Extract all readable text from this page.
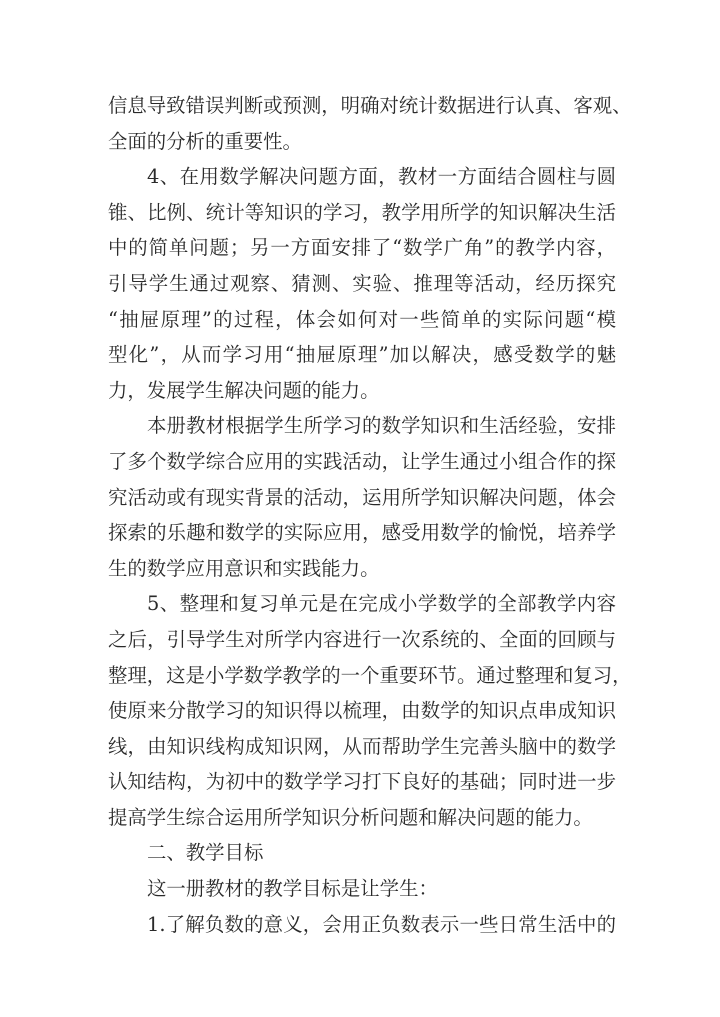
信息导致错误判断或预测，明确对统计数据进行认真、客观、
全面的分析的重要性。
4、在用数学解决问题方面，教材一方面结合圆柱与圆
锥、比例、统计等知识的学习，教学用所学的知识解决生活
中的简单问题；另一方面安排了“数学广角”的教学内容，
引导学生通过观察、猜测、实验、推理等活动，经历探究
“抽屉原理”的过程，体会如何对一些简单的实际问题“模
型化”，从而学习用“抽屉原理”加以解决，感受数学的魅
力，发展学生解决问题的能力。
本册教材根据学生所学习的数学知识和生活经验，安排
了多个数学综合应用的实践活动，让学生通过小组合作的探
究活动或有现实背景的活动，运用所学知识解决问题，体会
探索的乐趣和数学的实际应用，感受用数学的愉悦，培养学
生的数学应用意识和实践能力。
5、整理和复习单元是在完成小学数学的全部教学内容
之后，引导学生对所学内容进行一次系统的、全面的回顾与
整理，这是小学数学教学的一个重要环节。通过整理和复习，
使原来分散学习的知识得以梳理，由数学的知识点串成知识
线，由知识线构成知识网，从而帮助学生完善头脑中的数学
认知结构，为初中的数学学习打下良好的基础；同时进一步
提高学生综合运用所学知识分析问题和解决问题的能力。
二、教学目标
这一册教材的教学目标是让学生：
1.了解负数的意义，会用正负数表示一些日常生活中的
